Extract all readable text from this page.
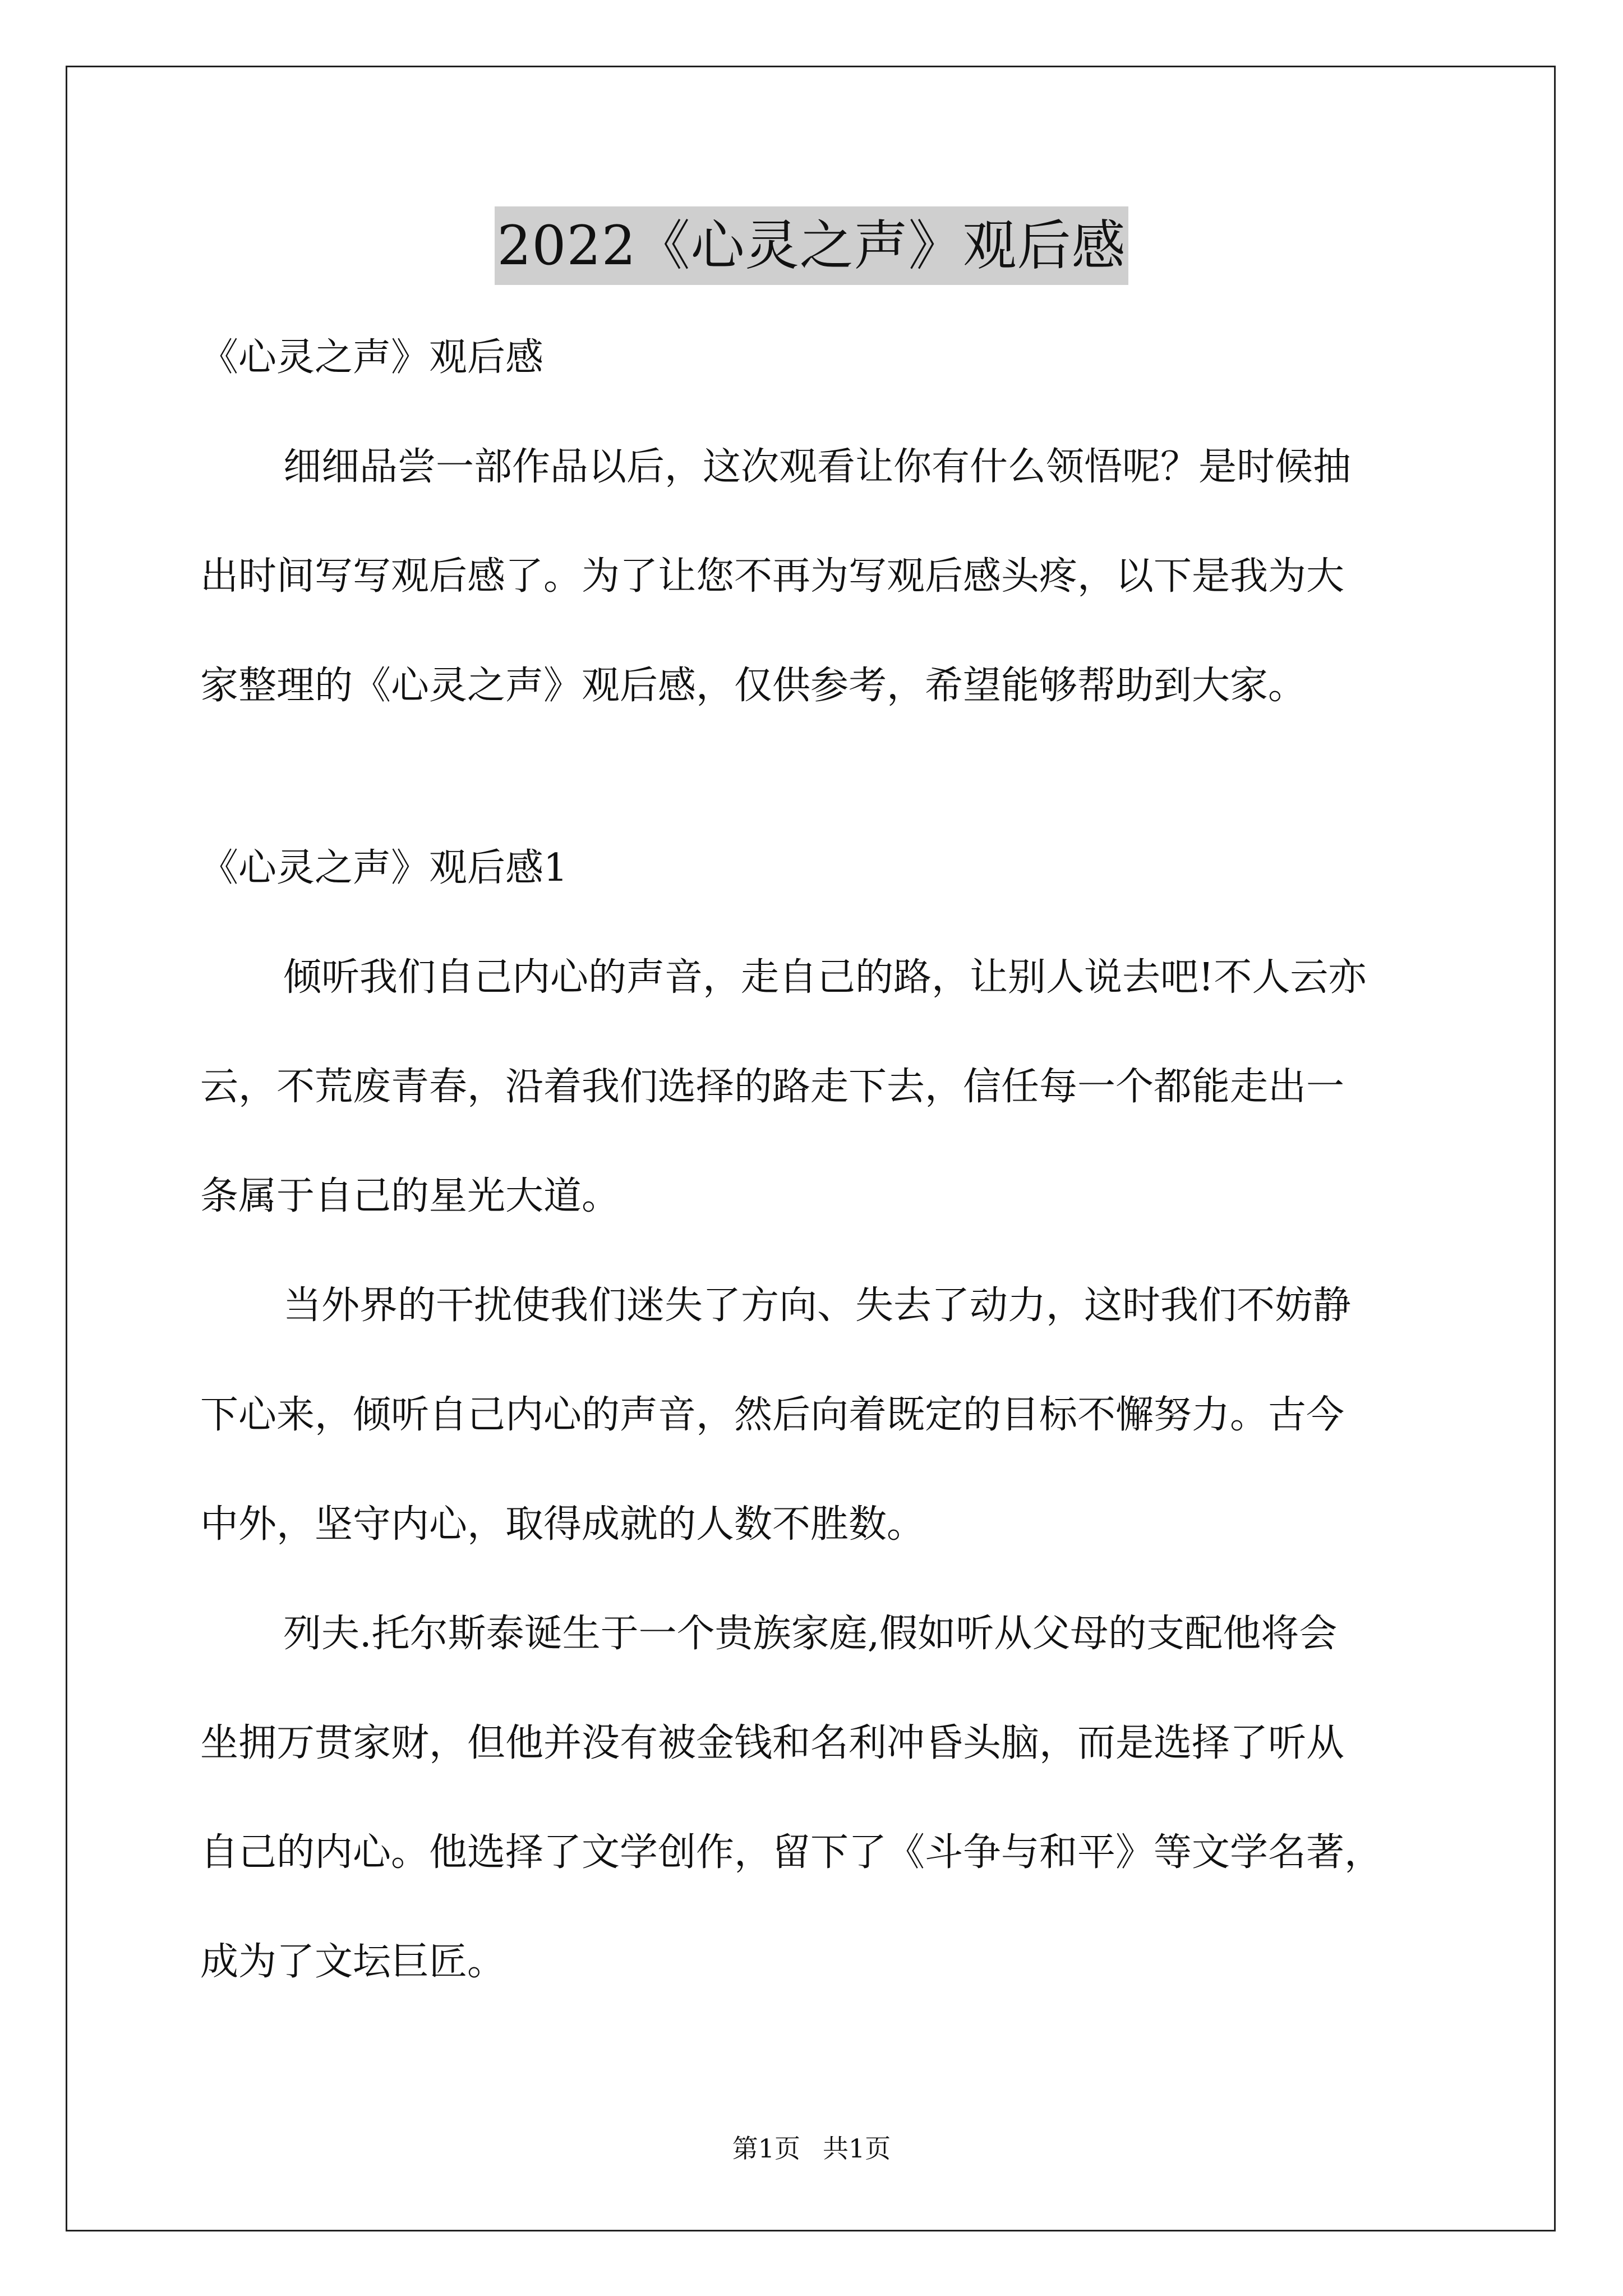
2022《心灵之声》观后感
《心灵之声》观后感
细细品尝一部作品以后，这次观看让你有什么领悟呢？是时候抽
出时间写写观后感了。为了让您不再为写观后感头疼，以下是我为大
家整理的《心灵之声》观后感，仅供参考，希望能够帮助到大家。
《心灵之声》观后感1
倾听我们自己内心的声音，走自己的路，让别人说去吧!不人云亦
云，不荒废青春，沿着我们选择的路走下去，信任每一个都能走出一
条属于自己的星光大道。
当外界的干扰使我们迷失了方向、失去了动力，这时我们不妨静
下心来，倾听自己内心的声音，然后向着既定的目标不懈努力。古今
中外，坚守内心，取得成就的人数不胜数。
列夫.托尔斯泰诞生于一个贵族家庭,假如听从父母的支配他将会
坐拥万贯家财，但他并没有被金钱和名利冲昏头脑，而是选择了听从
自己的内心。他选择了文学创作，留下了《斗争与和平》等文学名著，
成为了文坛巨匠。
第1页 共1页
